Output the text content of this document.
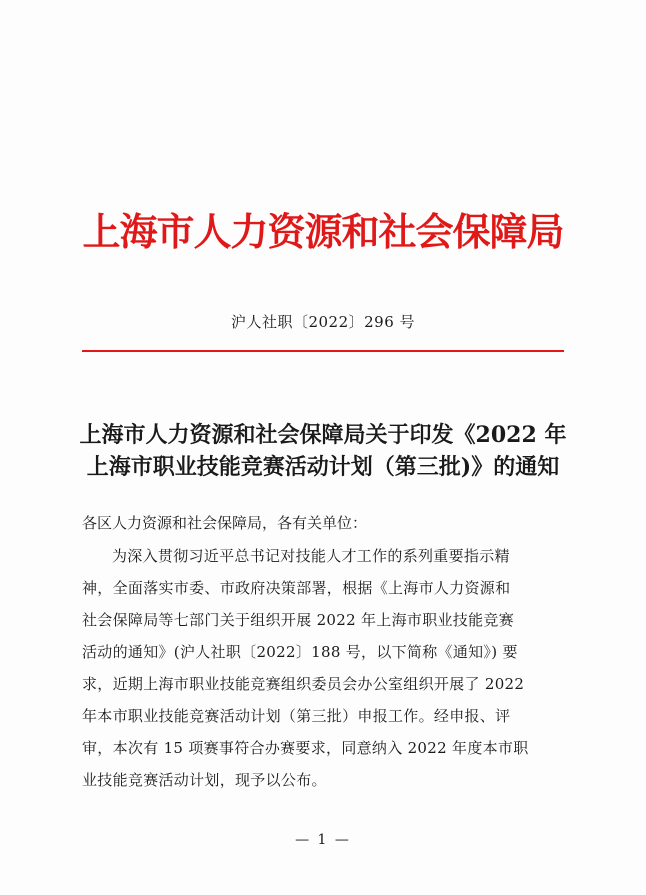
上海市人力资源和社会保障局
沪人社职〔2022〕296 号
上海市人力资源和社会保障局关于印发《2022 年
上海市职业技能竞赛活动计划（第三批)》的通知
各区人力资源和社会保障局，各有关单位：
为深入贯彻习近平总书记对技能人才工作的系列重要指示精
神，全面落实市委、市政府决策部署，根据《上海市人力资源和
社会保障局等七部门关于组织开展 2022 年上海市职业技能竞赛
活动的通知》(沪人社职〔2022〕188 号，以下简称《通知》) 要
求，近期上海市职业技能竞赛组织委员会办公室组织开展了 2022
年本市职业技能竞赛活动计划（第三批）申报工作。经申报、评
审，本次有 15 项赛事符合办赛要求，同意纳入 2022 年度本市职
业技能竞赛活动计划，现予以公布。
— 1 —
